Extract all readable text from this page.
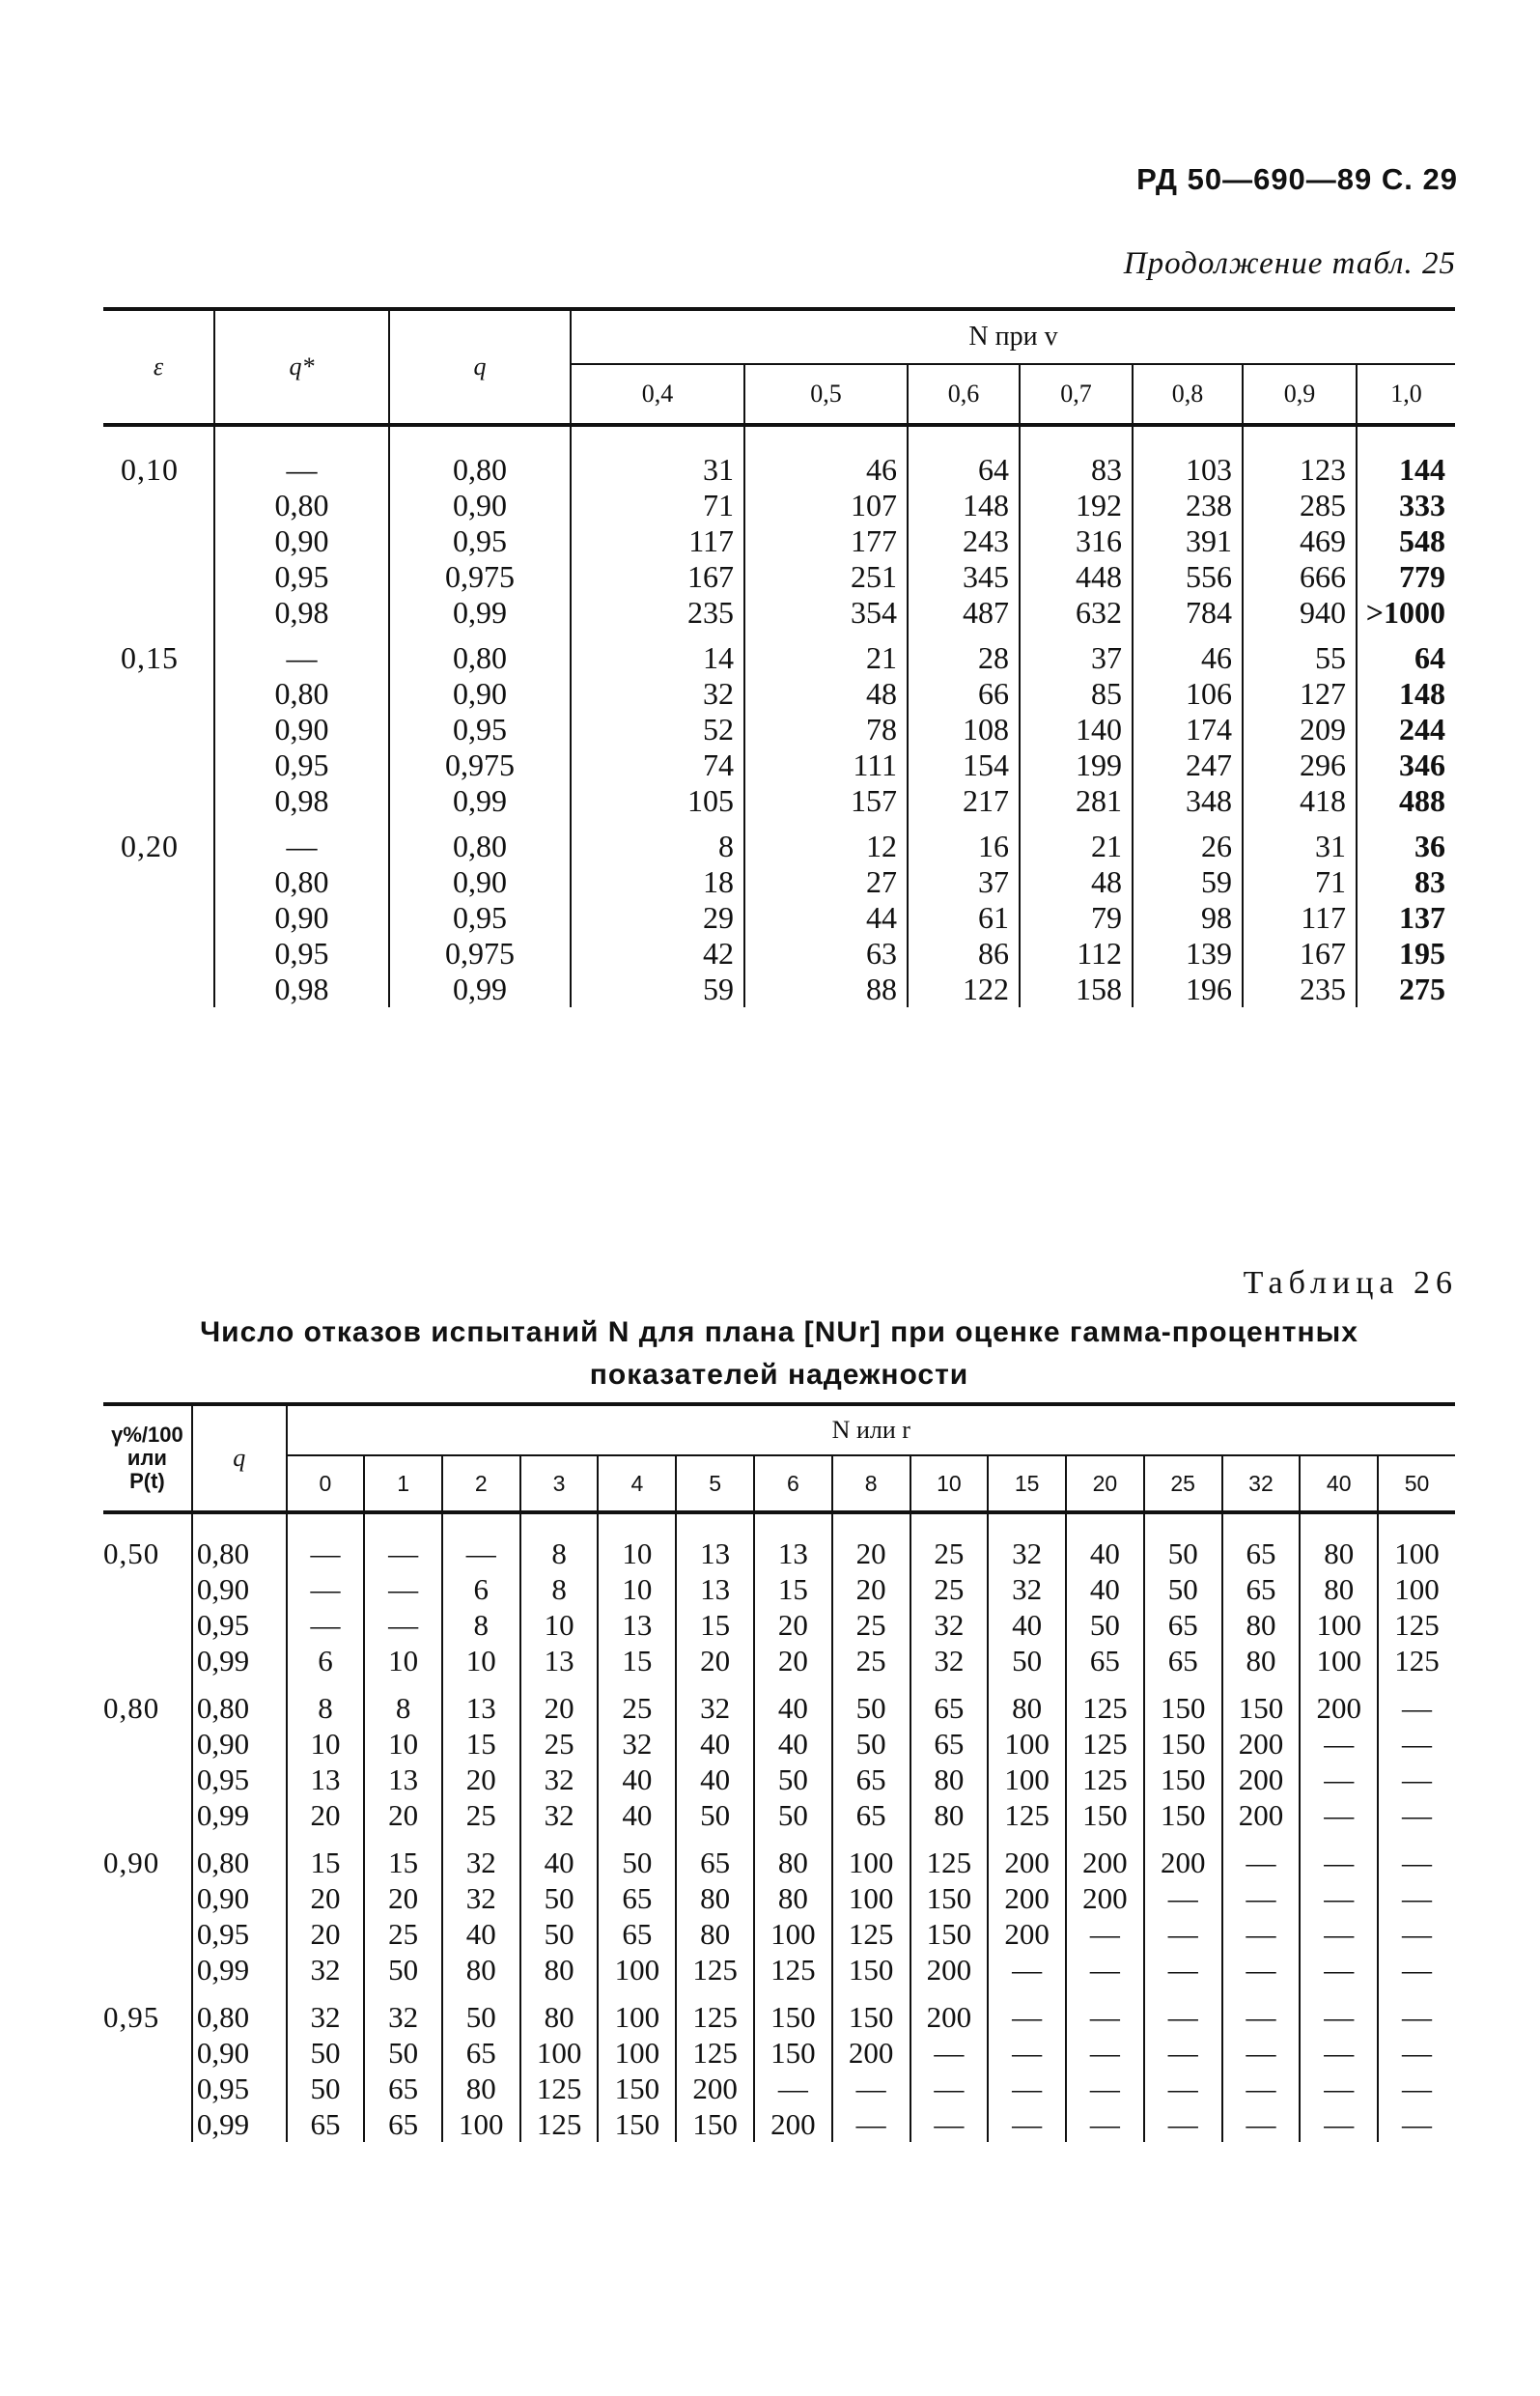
РД 50—690—89 С. 29
Продолжение табл. 25
ε	q*	q	N при v						
			0,4	0,5	0,6	0,7	0,8	0,9	1,0
0,10	—	0,80	31	46	64	83	103	123	144
	0,80	0,90	71	107	148	192	238	285	333
	0,90	0,95	117	177	243	316	391	469	548
	0,95	0,975	167	251	345	448	556	666	779
	0,98	0,99	235	354	487	632	784	940	>1000
0,15	—	0,80	14	21	28	37	46	55	64
	0,80	0,90	32	48	66	85	106	127	148
	0,90	0,95	52	78	108	140	174	209	244
	0,95	0,975	74	111	154	199	247	296	346
	0,98	0,99	105	157	217	281	348	418	488
0,20	—	0,80	8	12	16	21	26	31	36
	0,80	0,90	18	27	37	48	59	71	83
	0,90	0,95	29	44	61	79	98	117	137
	0,95	0,975	42	63	86	112	139	167	195
	0,98	0,99	59	88	122	158	196	235	275
Таблица 26
Число отказов испытаний N для плана [NUr] при оценке гамма-процентных
показателей надежности
γ%/100
или
P(t)	q	N или r														
		0	1	2	3	4	5	6	8	10	15	20	25	32	40	50
0,50	0,80	—	—	—	8	10	13	13	20	25	32	40	50	65	80	100
	0,90	—	—	6	8	10	13	15	20	25	32	40	50	65	80	100
	0,95	—	—	8	10	13	15	20	25	32	40	50	65	80	100	125
	0,99	6	10	10	13	15	20	20	25	32	50	65	65	80	100	125
0,80	0,80	8	8	13	20	25	32	40	50	65	80	125	150	150	200	—
	0,90	10	10	15	25	32	40	40	50	65	100	125	150	200	—	—
	0,95	13	13	20	32	40	40	50	65	80	100	125	150	200	—	—
	0,99	20	20	25	32	40	50	50	65	80	125	150	150	200	—	—
0,90	0,80	15	15	32	40	50	65	80	100	125	200	200	200	—	—	—
	0,90	20	20	32	50	65	80	80	100	150	200	200	—	—	—	—
	0,95	20	25	40	50	65	80	100	125	150	200	—	—	—	—	—
	0,99	32	50	80	80	100	125	125	150	200	—	—	—	—	—	—
0,95	0,80	32	32	50	80	100	125	150	150	200	—	—	—	—	—	—
	0,90	50	50	65	100	100	125	150	200	—	—	—	—	—	—	—
	0,95	50	65	80	125	150	200	—	—	—	—	—	—	—	—	—
	0,99	65	65	100	125	150	150	200	—	—	—	—	—	—	—	—
